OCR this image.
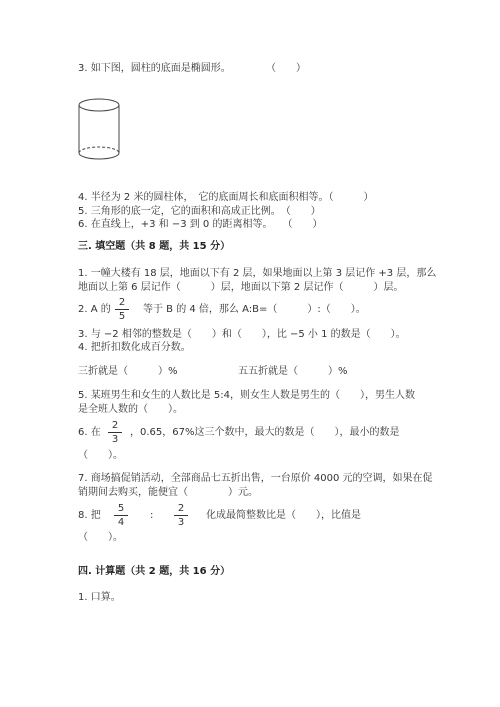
3. 如下图，圆柱的底面是椭圆形。	（　　）
4. 半径为 2 米的圆柱体，　它的底面周长和底面积相等。（　　　）
5. 三角形的底一定，它的面积和高成正比例。　（　　）
6. 在直线上，+3 和 −3 到 0 的距离相等。　　（　　）
三. 填空题（共 8 题，共 15 分）
1. 一幢大楼有 18 层，地面以下有 2 层，如果地面以上第 3 层记作 +3 层，那么
地面以上第 6 层记作（　　　）层，地面以下第 2 层记作（　　　）层。
2. A 的
2
5
等于 B 的 4 倍，那么 A:B=（　　　）:（　　）。
3. 与 −2 相邻的整数是（　　）和（　　），比 −5 小 1 的数是（　　）。
4. 把折扣数化成百分数。
三折就是（　　　）%	五五折就是（　　　）%
5. 某班男生和女生的人数比是 5:4，则女生人数是男生的（　　），男生人数
是全班人数的（　　）。
6. 在
2
3
，0.65，67%这三个数中，最大的数是（　　），最小的数是
（　　）。
7. 商场搞促销活动，全部商品七五折出售，一台原价 4000 元的空调，如果在促
销期间去购买，能便宜（　　　　）元。
8. 把
5
4
:
2
3
化成最简整数比是（　　），比值是
（　　）。
四. 计算题（共 2 题，共 16 分）
1. 口算。
